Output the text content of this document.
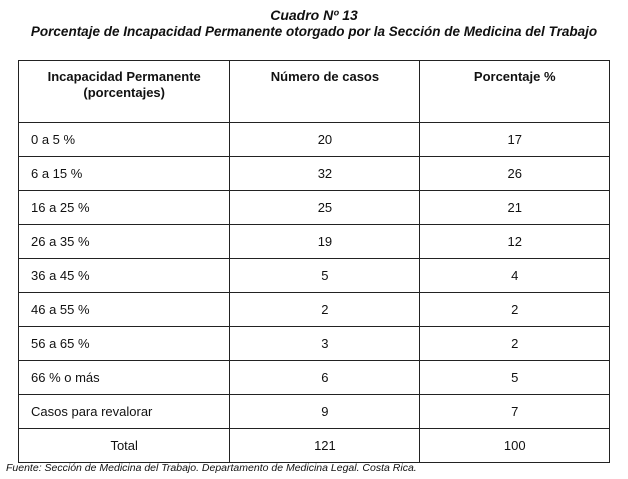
Cuadro Nº 13
Porcentaje de Incapacidad Permanente otorgado por la Sección de Medicina del Trabajo
Incapacidad Permanente
(porcentajes)	Número de casos	Porcentaje %
0 a 5 %	20	17
6 a 15 %	32	26
16 a 25 %	25	21
26 a 35 %	19	12
36 a 45 %	5	4
46 a 55 %	2	2
56 a 65 %	3	2
66 % o más	6	5
Casos para revalorar	9	7
Total	121	100
Fuente: Sección de Medicina del Trabajo. Departamento de Medicina Legal. Costa Rica.
